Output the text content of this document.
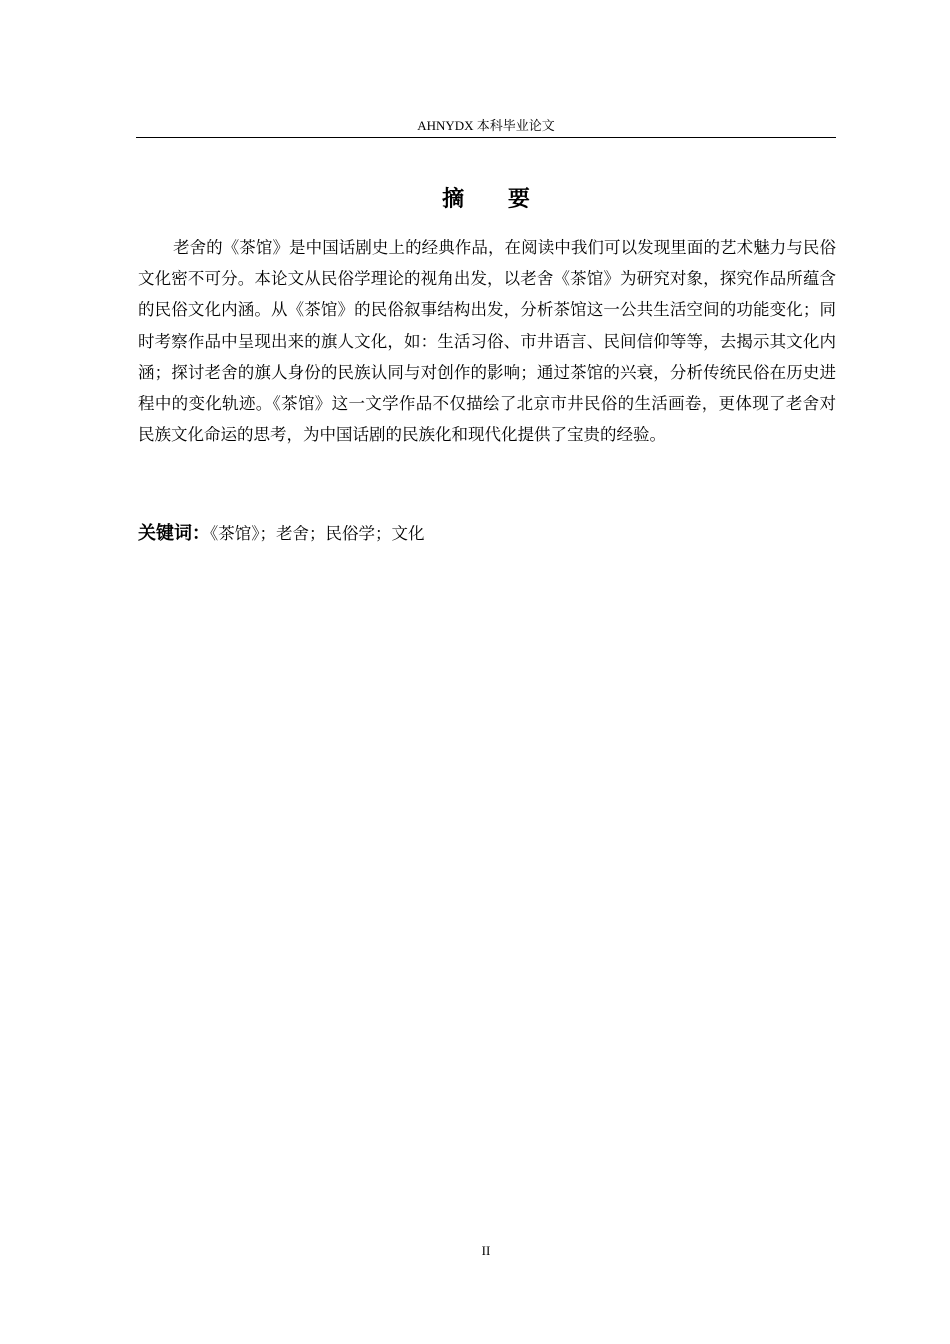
AHNYDX 本科毕业论文
摘 要

老舍的《茶馆》是中国话剧史上的经典作品，在阅读中我们可以发现里面的艺术魅力与民俗文化密不可分。本论文从民俗学理论的视角出发，以老舍《茶馆》为研究对象，探究作品所蕴含的民俗文化内涵。从《茶馆》的民俗叙事结构出发，分析茶馆这一公共生活空间的功能变化；同时考察作品中呈现出来的旗人文化，如：生活习俗、市井语言、民间信仰等等，去揭示其文化内涵；探讨老舍的旗人身份的民族认同与对创作的影响；通过茶馆的兴衰，分析传统民俗在历史进程中的变化轨迹。《茶馆》这一文学作品不仅描绘了北京市井民俗的生活画卷，更体现了老舍对民族文化命运的思考，为中国话剧的民族化和现代化提供了宝贵的经验。

关键词：《茶馆》；老舍；民俗学；文化
II
